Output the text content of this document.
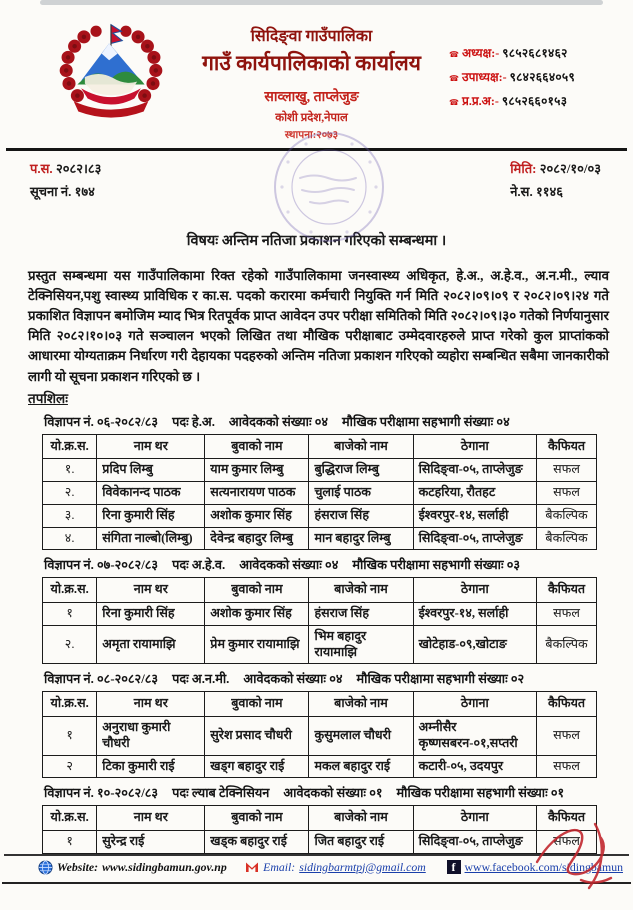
सिदिङ्वा गाउँपालिका
गाउँ कार्यपालिकाको कार्यालय
साव्लाखु, ताप्लेजुङ
कोशी प्रदेश,नेपाल
स्थापना:२०७३
☎ अध्यक्ष:- ९८५२६८१४६२
☎ उपाध्यक्ष:- ९८४२६६४०५९
☎ प्र.प्र.अ:- ९८५२६६०१५३
प.स. २०८२।८३
सूचना नं. १७४
मिति: २०८२/१०/०३
ने.स. ११४६
विषयः अन्तिम नतिजा प्रकाशन गरिएको सम्बन्धमा ।
प्रस्तुत सम्बन्धमा यस गाउँपालिकामा रिक्त रहेको गाउँपालिकामा जनस्वास्थ्य अधिकृत, हे.अ., अ.हे.व., अ.न.मी., ल्याव टेक्निसियन,पशु स्वास्थ्य प्राविधिक र का.स. पदको करारमा कर्मचारी नियुक्ति गर्न मिति २०८२।०९।०९ र २०८२।०९।२४ गते प्रकाशित विज्ञापन बमोजिम म्याद भित्र रितपूर्वक प्राप्त आवेदन उपर परीक्षा समितिको मिति २०८२।०९।३० गतेको निर्णयानुसार मिति २०८२।१०।०३ गते सञ्चालन भएको लिखित तथा मौखिक परीक्षाबाट उम्मेदवारहरुले प्राप्त गरेको कुल प्राप्तांकको आधारमा योग्यताक्रम निर्धारण गरी देहायका पदहरुको अन्तिम नतिजा प्रकाशन गरिएको व्यहोरा सम्बन्धित सबैमा जानकारीको लागी यो सूचना प्रकाशन गरिएको छ ।
तपशिलः
विज्ञापन नं. ०६-२०८२/८३ पदः हे.अ. आवेदकको संख्याः ०४ मौखिक परीक्षामा सहभागी संख्याः ०४
यो.क्र.स.	नाम थर	बुवाको नाम	बाजेको नाम	ठेगाना	कैफियत
१.	प्रदिप लिम्बु	याम कुमार लिम्बु	बुद्धिराज लिम्बु	सिदिङ्वा-०५, ताप्लेजुङ	सफल
२.	विवेकानन्द पाठक	सत्यनारायण पाठक	चुलाई पाठक	कटहरिया, रौतहट	सफल
३.	रिना कुमारी सिंह	अशोक कुमार सिंह	हंसराज सिंह	ईश्वरपुर-१४, सर्लाही	बैकल्पिक
४.	संगिता नाल्बो(लिम्बु)	देवेन्द्र बहादुर लिम्बु	मान बहादुर लिम्बु	सिदिङ्वा-०५, ताप्लेजुङ	बैकल्पिक
विज्ञापन नं. ०७-२०८२/८३ पदः अ.हे.व. आवेदकको संख्याः ०४ मौखिक परीक्षामा सहभागी संख्याः ०३
यो.क्र.स.	नाम थर	बुवाको नाम	बाजेको नाम	ठेगाना	कैफियत
१	रिना कुमारी सिंह	अशोक कुमार सिंह	हंसराज सिंह	ईश्वरपुर-१४, सर्लाही	सफल
२.	अमृता रायामाझि	प्रेम कुमार रायामाझि	भिम बहादुर रायामाझि	खोटेहाड-०९,खोटाङ	बैकल्पिक
विज्ञापन नं. ०८-२०८२/८३ पदः अ.न.मी. आवेदकको संख्याः ०४ मौखिक परीक्षामा सहभागी संख्याः ०२
यो.क्र.स.	नाम थर	बुवाको नाम	बाजेको नाम	ठेगाना	कैफियत
१	अनुराधा कुमारी चौधरी	सुरेश प्रसाद चौधरी	कुसुमलाल चौधरी	अम्नीसैर कृष्णसबरन-०१,सप्तरी	सफल
२	टिका कुमारी राई	खड्ग बहादुर राई	मकल बहादुर राई	कटारी-०५, उदयपुर	सफल
विज्ञापन नं. १०-२०८२/८३ पदः ल्याब टेक्निसियन आवेदकको संख्याः ०१ मौखिक परीक्षामा सहभागी संख्याः ०१
यो.क्र.स.	नाम थर	बुवाको नाम	बाजेको नाम	ठेगाना	कैफियत
१	सुरेन्द्र राई	खड्क बहादुर राई	जित बहादुर राई	सिदिङ्वा-०५, ताप्लेजुङ	सफल
Website: www.sidingbamun.gov.np	Email: sidingbarmtpj@gmail.com	f www.facebook.com/sidingbamun
